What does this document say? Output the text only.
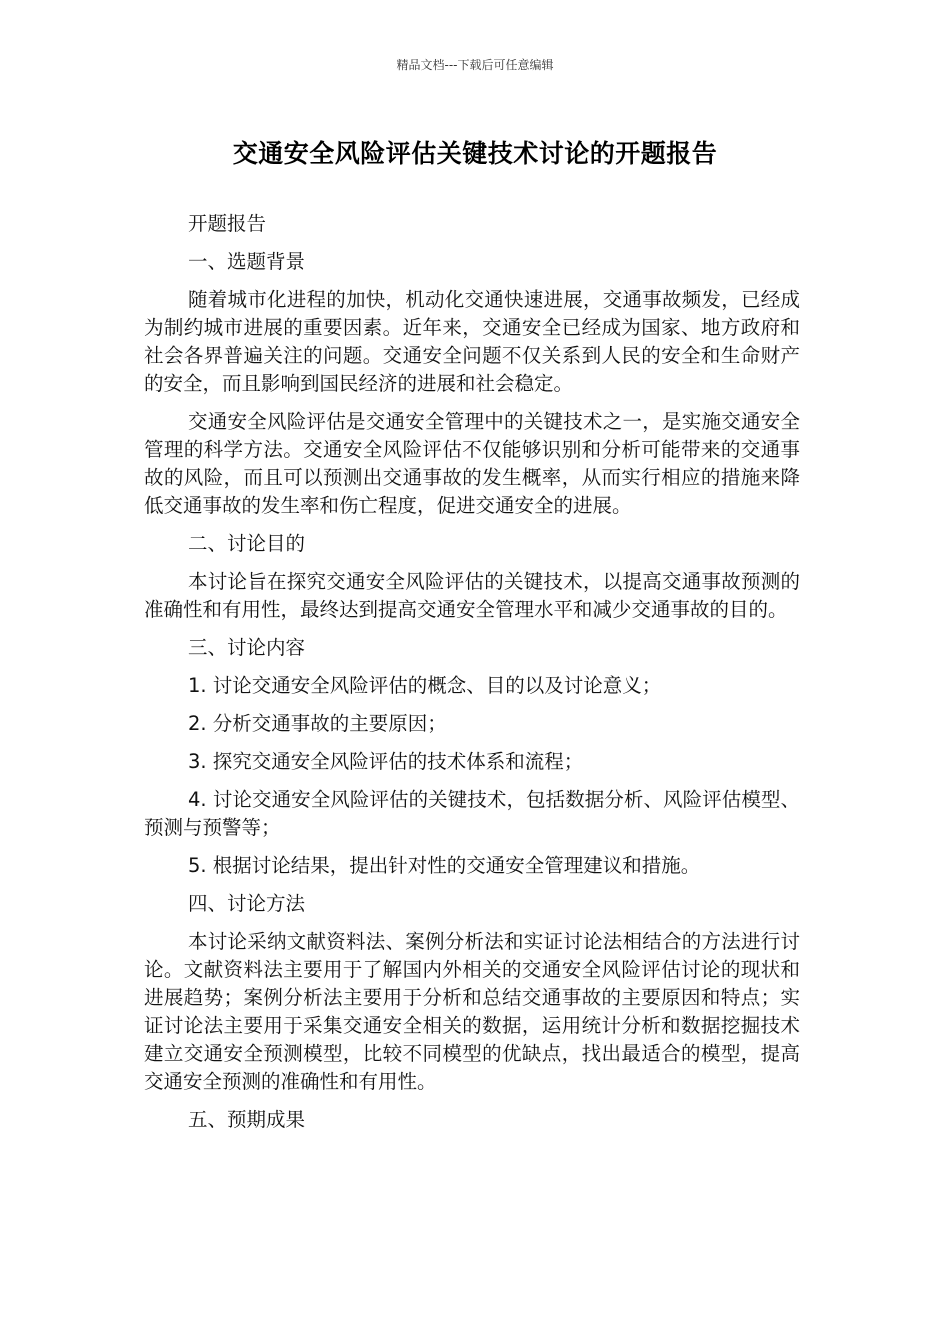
精品文档---下载后可任意编辑
交通安全风险评估关键技术讨论的开题报告

开题报告

一、选题背景

随着城市化进程的加快，机动化交通快速进展，交通事故频发，已经成为制约城市进展的重要因素。近年来，交通安全已经成为国家、地方政府和社会各界普遍关注的问题。交通安全问题不仅关系到人民的安全和生命财产的安全，而且影响到国民经济的进展和社会稳定。

交通安全风险评估是交通安全管理中的关键技术之一，是实施交通安全管理的科学方法。交通安全风险评估不仅能够识别和分析可能带来的交通事故的风险，而且可以预测出交通事故的发生概率，从而实行相应的措施来降低交通事故的发生率和伤亡程度，促进交通安全的进展。

二、讨论目的

本讨论旨在探究交通安全风险评估的关键技术，以提高交通事故预测的准确性和有用性，最终达到提高交通安全管理水平和减少交通事故的目的。

三、讨论内容

1. 讨论交通安全风险评估的概念、目的以及讨论意义；

2. 分析交通事故的主要原因；

3. 探究交通安全风险评估的技术体系和流程；

4. 讨论交通安全风险评估的关键技术，包括数据分析、风险评估模型、预测与预警等；

5. 根据讨论结果，提出针对性的交通安全管理建议和措施。

四、讨论方法

本讨论采纳文献资料法、案例分析法和实证讨论法相结合的方法进行讨论。文献资料法主要用于了解国内外相关的交通安全风险评估讨论的现状和进展趋势；案例分析法主要用于分析和总结交通事故的主要原因和特点；实证讨论法主要用于采集交通安全相关的数据，运用统计分析和数据挖掘技术建立交通安全预测模型，比较不同模型的优缺点，找出最适合的模型，提高交通安全预测的准确性和有用性。

五、预期成果
